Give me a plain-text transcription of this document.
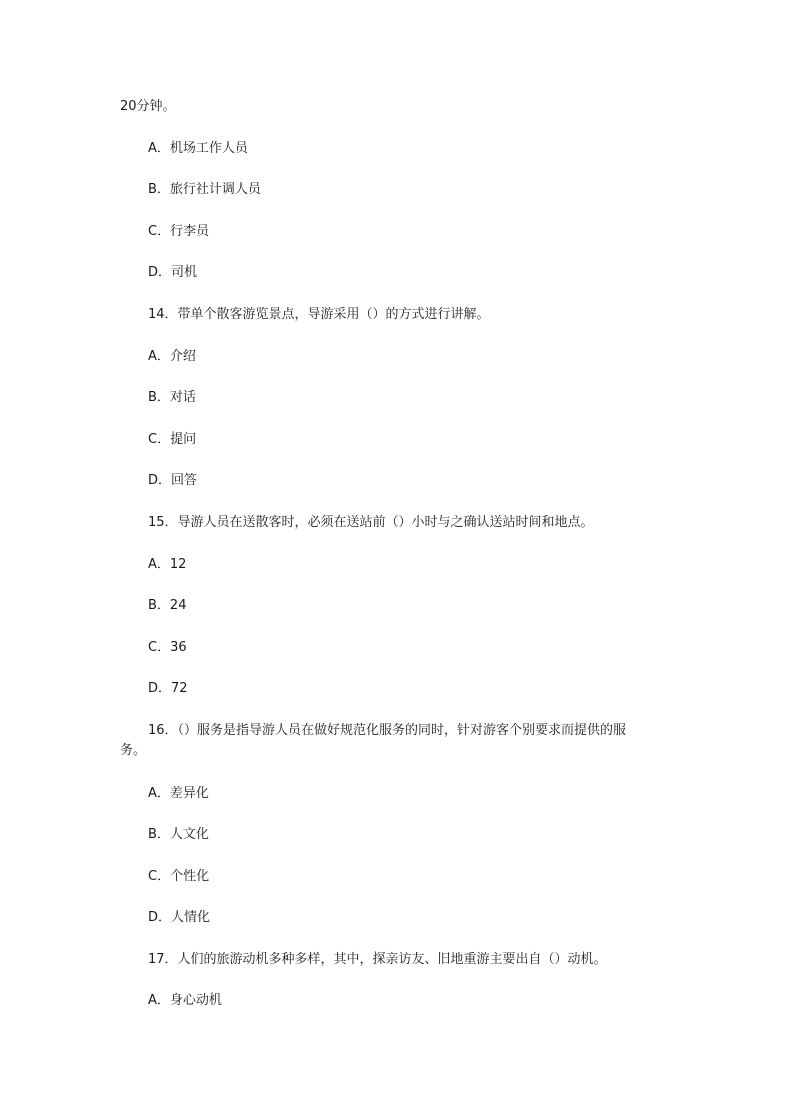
20分钟。
A．机场工作人员
B．旅行社计调人员
C．行李员
D．司机
14．带单个散客游览景点，导游采用（）的方式进行讲解。
A．介绍
B．对话
C．提问
D．回答
15．导游人员在送散客时，必须在送站前（）小时与之确认送站时间和地点。
A．12
B．24
C．36
D．72
16．（）服务是指导游人员在做好规范化服务的同时，针对游客个别要求而提供的服
务。
A．差异化
B．人文化
C．个性化
D．人情化
17．人们的旅游动机多种多样，其中，探亲访友、旧地重游主要出自（）动机。
A．身心动机
